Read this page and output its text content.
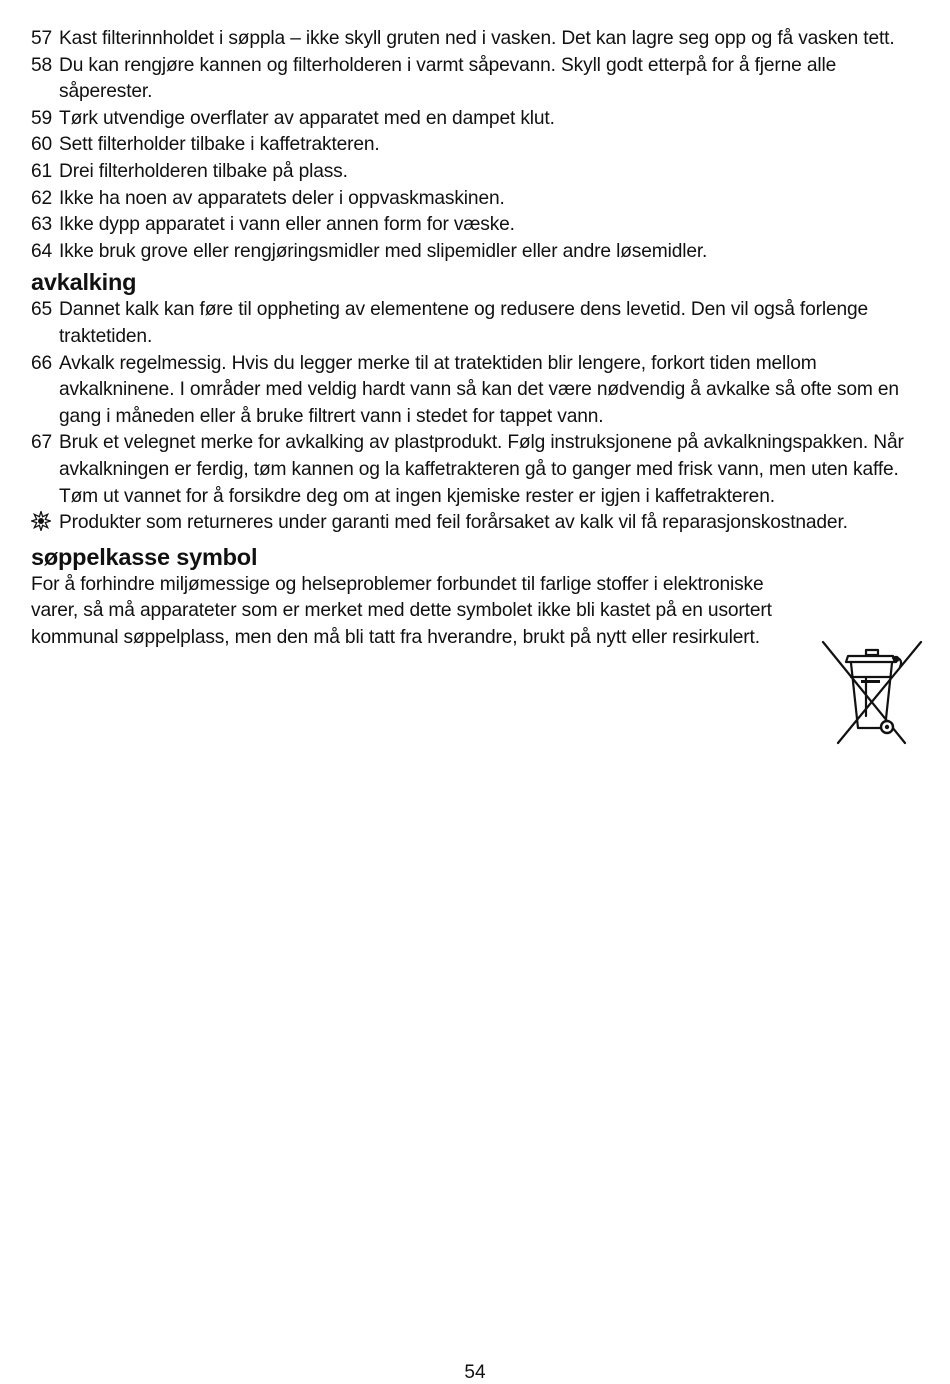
57 Kast filterinnholdet i søppla – ikke skyll gruten ned i vasken. Det kan lagre seg opp og få vasken tett.
58 Du kan rengjøre kannen og filterholderen i varmt såpevann. Skyll godt etterpå for å fjerne alle såperester.
59 Tørk utvendige overflater av apparatet med en dampet klut.
60 Sett filterholder tilbake i kaffetrakteren.
61 Drei filterholderen tilbake på plass.
62 Ikke ha noen av apparatets deler i oppvaskmaskinen.
63 Ikke dypp apparatet i vann eller annen form for væske.
64 Ikke bruk grove eller rengjøringsmidler med slipemidler eller andre løsemidler.
avkalking
65 Dannet kalk kan føre til oppheting av elementene og redusere dens levetid. Den vil også forlenge traktetiden.
66 Avkalk regelmessig. Hvis du legger merke til at tratektiden blir lengere, forkort tiden mellom avkalkninene. I områder med veldig hardt vann så kan det være nødvendig å avkalke så ofte som en gang i måneden eller å bruke filtrert vann i stedet for tappet vann.
67 Bruk et velegnet merke for avkalking av plastprodukt. Følg instruksjonene på avkalkningspakken. Når avkalkningen er ferdig, tøm kannen og la kaffetrakteren gå to ganger med frisk vann, men uten kaffe. Tøm ut vannet for å forsikdre deg om at ingen kjemiske rester er igjen i kaffetrakteren.
Produkter som returneres under garanti med feil forårsaket av kalk vil få reparasjonskostnader.
søppelkasse symbol
For å forhindre miljømessige og helseproblemer forbundet til farlige stoffer i elektroniske varer, så må apparateter som er merket med dette symbolet ikke bli kastet på en usortert kommunal søppelplass, men den må bli tatt fra hverandre, brukt på nytt eller resirkulert.
54
